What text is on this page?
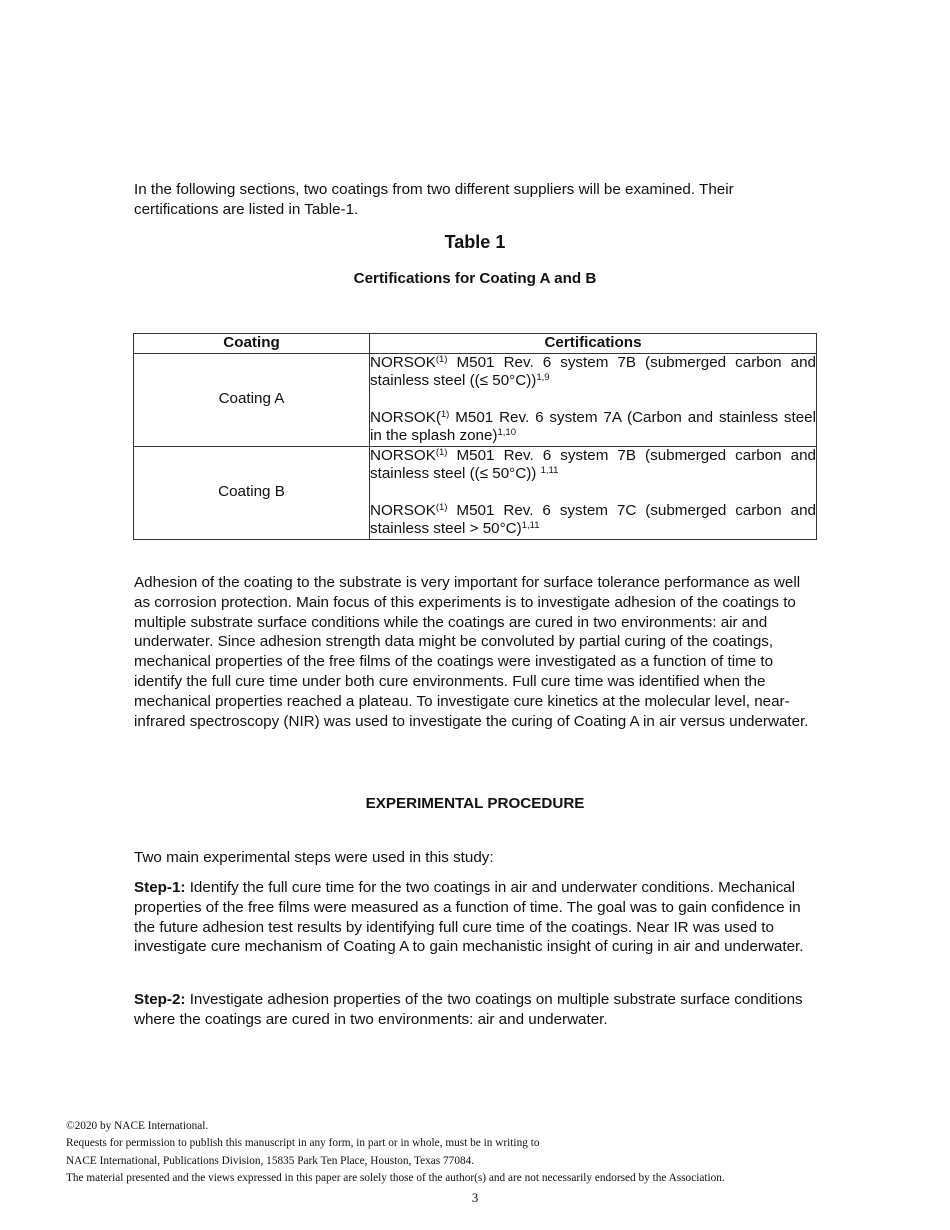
In the following sections, two coatings from two different suppliers will be examined. Their certifications are listed in Table-1.

Table 1

Certifications for Coating A and B

Coating	Certifications
Coating A	NORSOK$^{(1)}$ M501 Rev. 6 system 7B (submerged carbon and stainless steel ((≤ 50°C))$^{1,9}$

NORSOK($^{1)}$ M501 Rev. 6 system 7A (Carbon and stainless steel in the splash zone)$^{1,10}$

Coating B	NORSOK$^{(1)}$ M501 Rev. 6 system 7B (submerged carbon and stainless steel ((≤ 50°C)) $^{1,11}$

NORSOK$^{(1)}$ M501 Rev. 6 system 7C (submerged carbon and stainless steel > 50°C)$^{1,11}$

Adhesion of the coating to the substrate is very important for surface tolerance performance as well as corrosion protection. Main focus of this experiments is to investigate adhesion of the coatings to multiple substrate surface conditions while the coatings are cured in two environments: air and underwater. Since adhesion strength data might be convoluted by partial curing of the coatings, mechanical properties of the free films of the coatings were investigated as a function of time to identify the full cure time under both cure environments. Full cure time was identified when the mechanical properties reached a plateau. To investigate cure kinetics at the molecular level, near-infrared spectroscopy (NIR) was used to investigate the curing of Coating A in air versus underwater.

EXPERIMENTAL PROCEDURE

Two main experimental steps were used in this study:

Step-1: Identify the full cure time for the two coatings in air and underwater conditions. Mechanical properties of the free films were measured as a function of time. The goal was to gain confidence in the future adhesion test results by identifying full cure time of the coatings. Near IR was used to investigate cure mechanism of Coating A to gain mechanistic insight of curing in air and underwater.

Step-2: Investigate adhesion properties of the two coatings on multiple substrate surface conditions where the coatings are cured in two environments: air and underwater.

©2020 by NACE International.

Requests for permission to publish this manuscript in any form, in part or in whole, must be in writing to

NACE International, Publications Division, 15835 Park Ten Place, Houston, Texas 77084.

The material presented and the views expressed in this paper are solely those of the author(s) and are not necessarily endorsed by the Association.

3
